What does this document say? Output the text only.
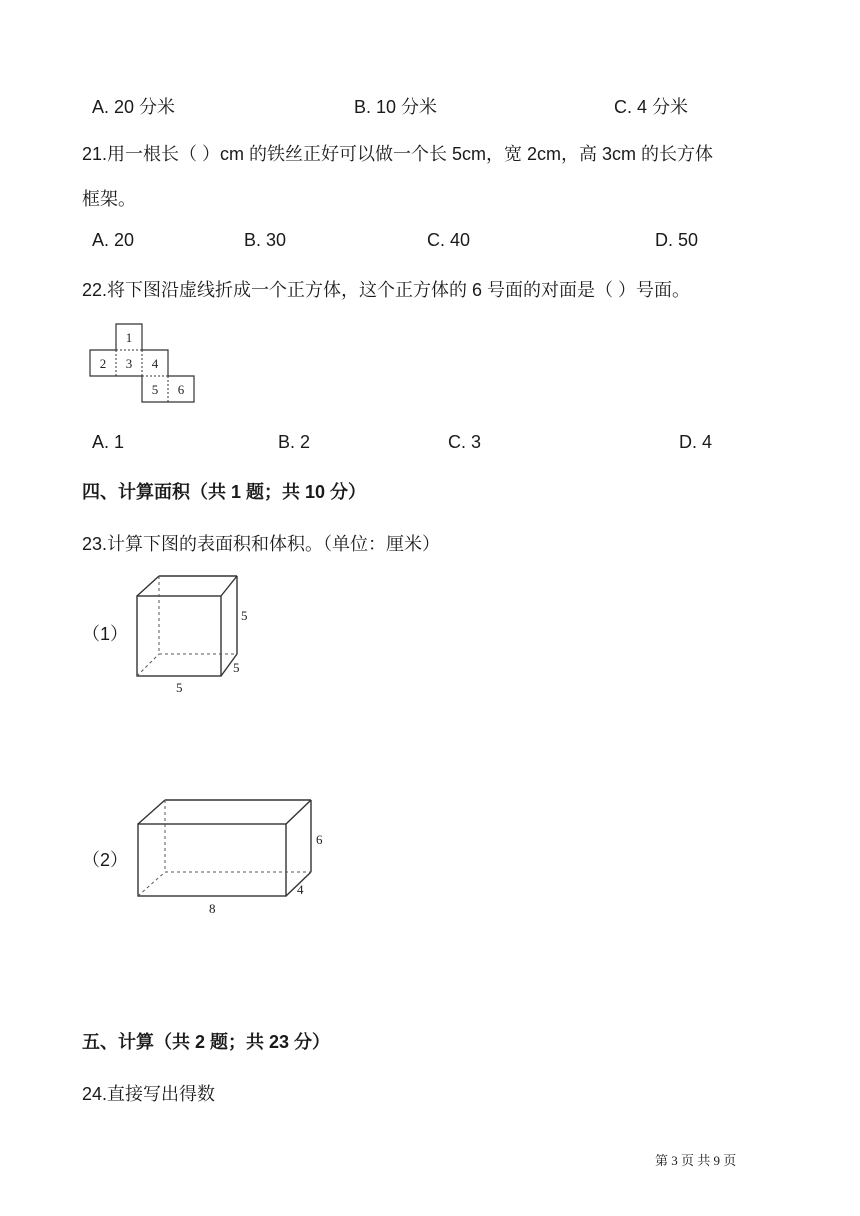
A. 20 分米	B. 10 分米	C. 4 分米
21.用一根长（ ）cm 的铁丝正好可以做一个长 5cm，宽 2cm，高 3cm 的长方体
框架。
A. 20	B. 30	C. 40	D. 50
22.将下图沿虚线折成一个正方体，这个正方体的 6 号面的对面是（ ）号面。
1
2 3 4
5 6
A. 1	B. 2	C. 3	D. 4
四、计算面积（共 1 题；共 10 分）
23.计算下图的表面积和体积。（单位：厘米）
（1）
5
5
5
（2）
6
4
8
五、计算（共 2 题；共 23 分）
24.直接写出得数
第 3 页 共 9 页
